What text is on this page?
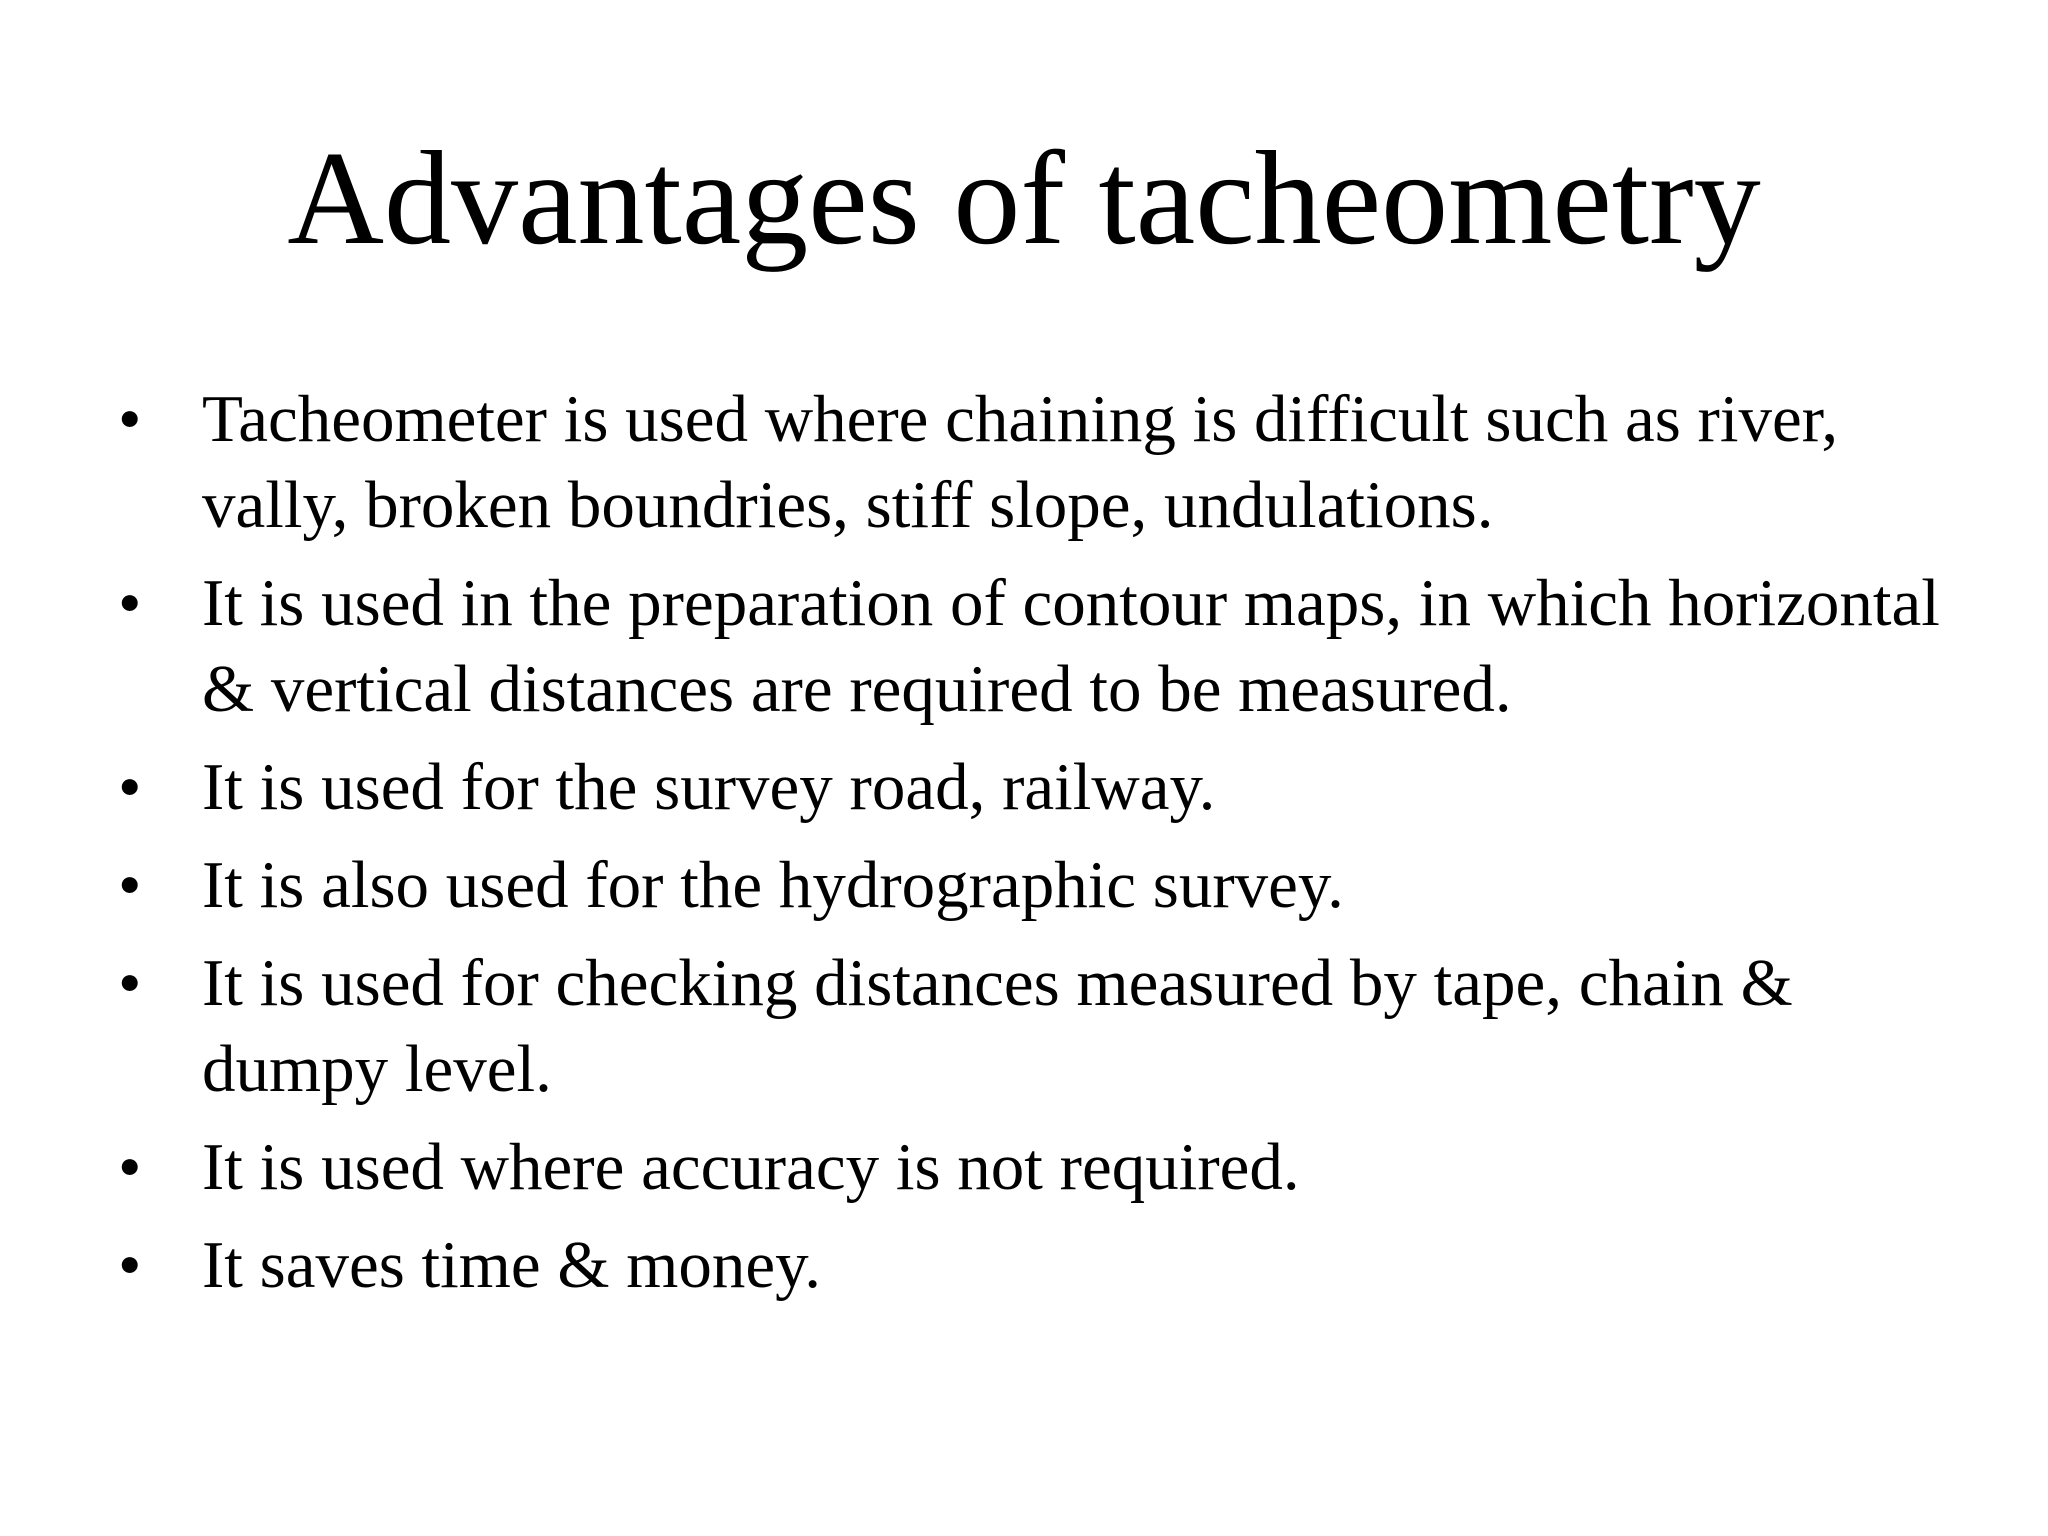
Advantages of tacheometry
• Tacheometer is used where chaining is difficult such as river, vally, broken boundries, stiff slope, undulations.
• It is used in the preparation of contour maps, in which horizontal & vertical distances are required to be measured.
• It is used for the survey road, railway.
• It is also used for the hydrographic survey.
• It is used for checking distances measured by tape, chain & dumpy level.
• It is used where accuracy is not required.
• It saves time & money.
